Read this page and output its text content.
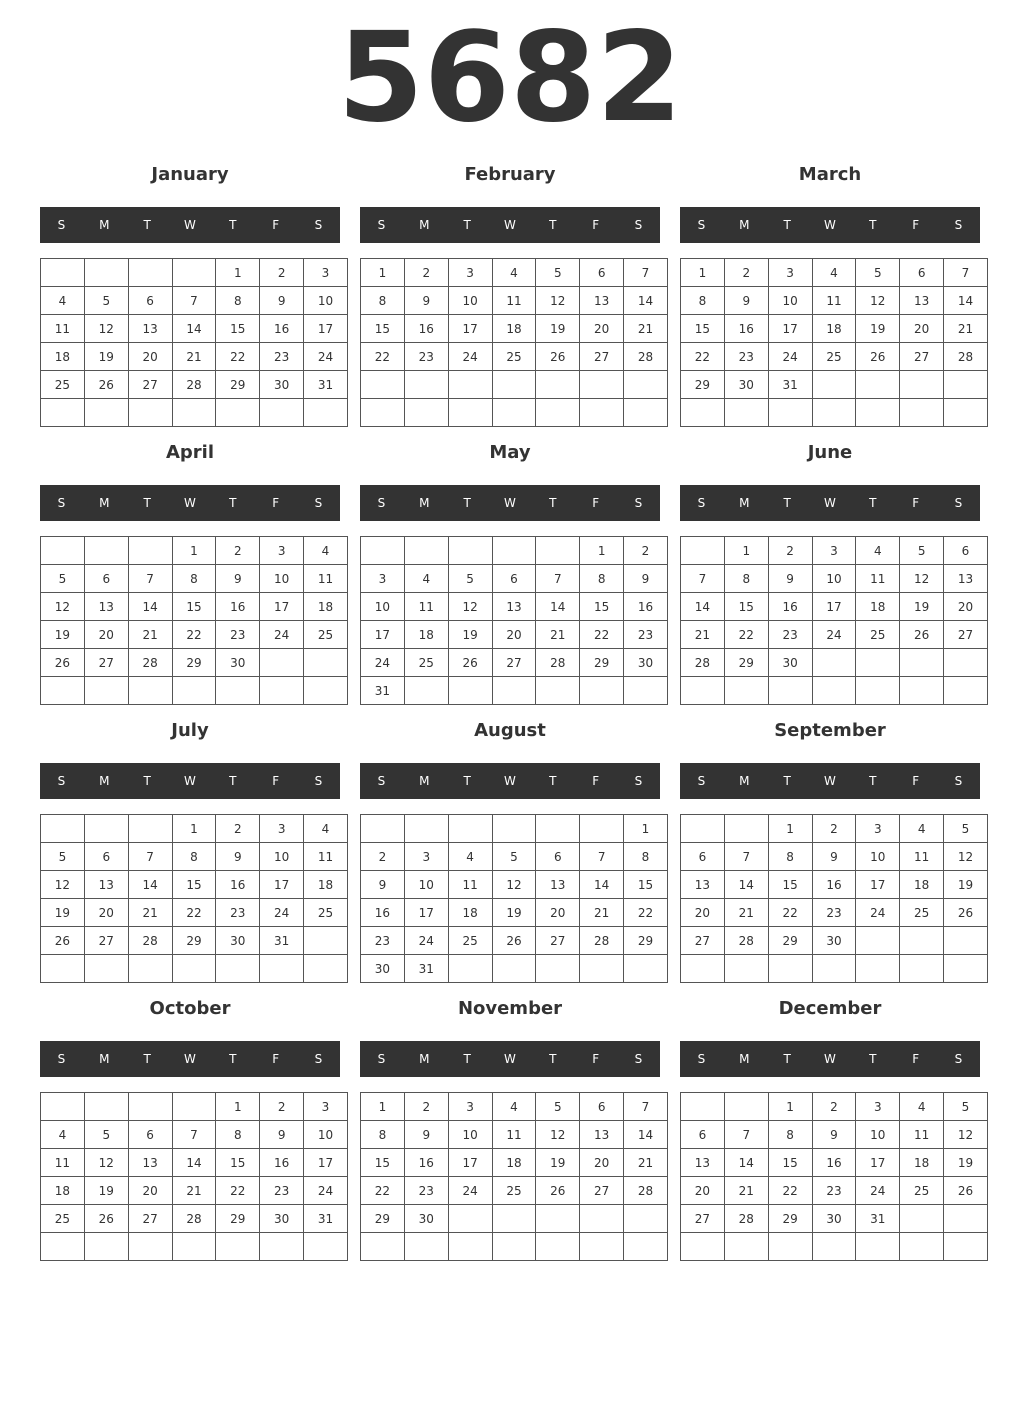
5682
January
S	M	T	W	T	F	S
				1	2	3
4	5	6	7	8	9	10
11	12	13	14	15	16	17
18	19	20	21	22	23	24
25	26	27	28	29	30	31

February
S	M	T	W	T	F	S
1	2	3	4	5	6	7
8	9	10	11	12	13	14
15	16	17	18	19	20	21
22	23	24	25	26	27	28

March
S	M	T	W	T	F	S
1	2	3	4	5	6	7
8	9	10	11	12	13	14
15	16	17	18	19	20	21
22	23	24	25	26	27	28
29	30	31				

April
S	M	T	W	T	F	S
			1	2	3	4
5	6	7	8	9	10	11
12	13	14	15	16	17	18
19	20	21	22	23	24	25
26	27	28	29	30		

May
S	M	T	W	T	F	S
					1	2
3	4	5	6	7	8	9
10	11	12	13	14	15	16
17	18	19	20	21	22	23
24	25	26	27	28	29	30
31						
June
S	M	T	W	T	F	S
	1	2	3	4	5	6
7	8	9	10	11	12	13
14	15	16	17	18	19	20
21	22	23	24	25	26	27
28	29	30				

July
S	M	T	W	T	F	S
			1	2	3	4
5	6	7	8	9	10	11
12	13	14	15	16	17	18
19	20	21	22	23	24	25
26	27	28	29	30	31	

August
S	M	T	W	T	F	S
						1
2	3	4	5	6	7	8
9	10	11	12	13	14	15
16	17	18	19	20	21	22
23	24	25	26	27	28	29
30	31					
September
S	M	T	W	T	F	S
		1	2	3	4	5
6	7	8	9	10	11	12
13	14	15	16	17	18	19
20	21	22	23	24	25	26
27	28	29	30			

October
S	M	T	W	T	F	S
				1	2	3
4	5	6	7	8	9	10
11	12	13	14	15	16	17
18	19	20	21	22	23	24
25	26	27	28	29	30	31

November
S	M	T	W	T	F	S
1	2	3	4	5	6	7
8	9	10	11	12	13	14
15	16	17	18	19	20	21
22	23	24	25	26	27	28
29	30					

December
S	M	T	W	T	F	S
		1	2	3	4	5
6	7	8	9	10	11	12
13	14	15	16	17	18	19
20	21	22	23	24	25	26
27	28	29	30	31		
